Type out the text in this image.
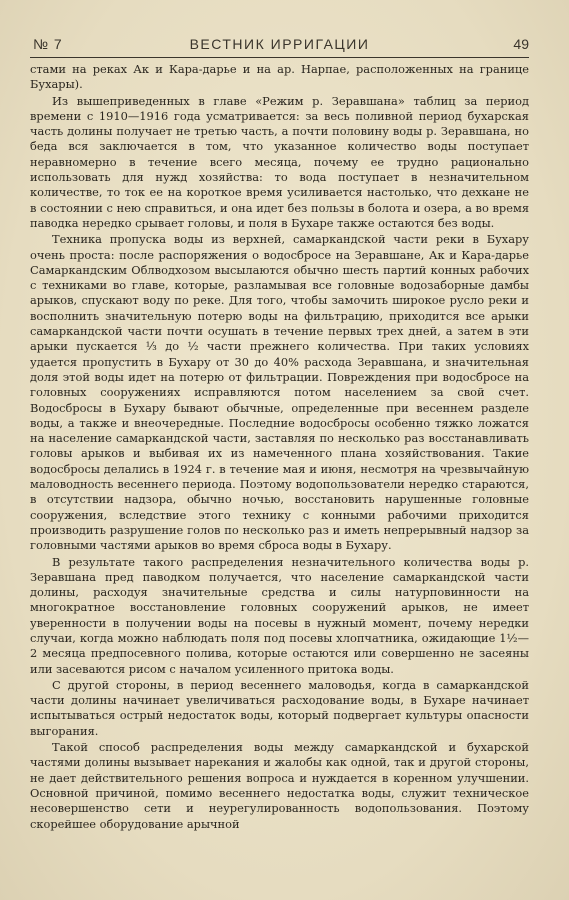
№ 7	ВЕСТНИК ИРРИГАЦИИ	49

стами на реках Ак и Кара-дарье и на ар. Нарпае, расположенных на границе Бухары).

Из вышеприведенных в главе «Режим р. Зеравшана» таблиц за период времени с 1910—1916 года усматривается: за весь поливной период бухарская часть долины получает не третью часть, а почти половину воды р. Зеравшана, но беда вся заключается в том, что указанное количество воды поступает неравномерно в течение всего месяца, почему ее трудно рационально использовать для нужд хозяйства: то вода поступает в незначительном количестве, то ток ее на короткое время усиливается настолько, что дехкане не в состоянии с нею справиться, и она идет без пользы в болота и озера, а во время паводка нередко срывает головы, и поля в Бухаре также остаются без воды.

Техника пропуска воды из верхней, самаркандской части реки в Бухару очень проста: после распоряжения о водосбросе на Зеравшане, Ак и Кара-дарье Самаркандским Облводхозом высылаются обычно шесть партий конных рабочих с техниками во главе, которые, разламывая все головные водозаборные дамбы арыков, спускают воду по реке. Для того, чтобы замочить широкое русло реки и восполнить значительную потерю воды на фильтрацию, приходится все арыки самаркандской части почти осушать в течение первых трех дней, а затем в эти арыки пускается ⅓ до ½ части прежнего количества. При таких условиях удается пропустить в Бухару от 30 до 40% расхода Зеравшана, и значительная доля этой воды идет на потерю от фильтрации. Повреждения при водосбросе на головных сооружениях исправляются потом населением за свой счет. Водосбросы в Бухару бывают обычные, определенные при весеннем разделе воды, а также и внеочередные. Последние водосбросы особенно тяжко ложатся на население самаркандской части, заставляя по несколько раз восстанавливать головы арыков и выбивая их из намеченного плана хозяйствования. Такие водосбросы делались в 1924 г. в течение мая и июня, несмотря на чрезвычайную маловодность весеннего периода. Поэтому водопользователи нередко стараются, в отсутствии надзора, обычно ночью, восстановить нарушенные головные сооружения, вследствие этого технику с конными рабочими приходится производить разрушение голов по несколько раз и иметь непрерывный надзор за головными частями арыков во время сброса воды в Бухару.

В результате такого распределения незначительного количества воды р. Зеравшана пред паводком получается, что население самаркандской части долины, расходуя значительные средства и силы натурповинности на многократное восстановление головных сооружений арыков, не имеет уверенности в получении воды на посевы в нужный момент, почему нередки случаи, когда можно наблюдать поля под посевы хлопчатника, ожидающие 1½—2 месяца предпосевного полива, которые остаются или совершенно не засеяны или засеваются рисом с началом усиленного притока воды.

С другой стороны, в период весеннего маловодья, когда в самаркандской части долины начинает увеличиваться расходование воды, в Бухаре начинает испытываться острый недостаток воды, который подвергает культуры опасности выгорания.

Такой способ распределения воды между самаркандской и бухарской частями долины вызывает нарекания и жалобы как одной, так и другой стороны, не дает действительного решения вопроса и нуждается в коренном улучшении. Основной причиной, помимо весеннего недостатка воды, служит техническое несовершенство сети и неурегулированность водопользования. Поэтому скорейшее оборудование арычной
